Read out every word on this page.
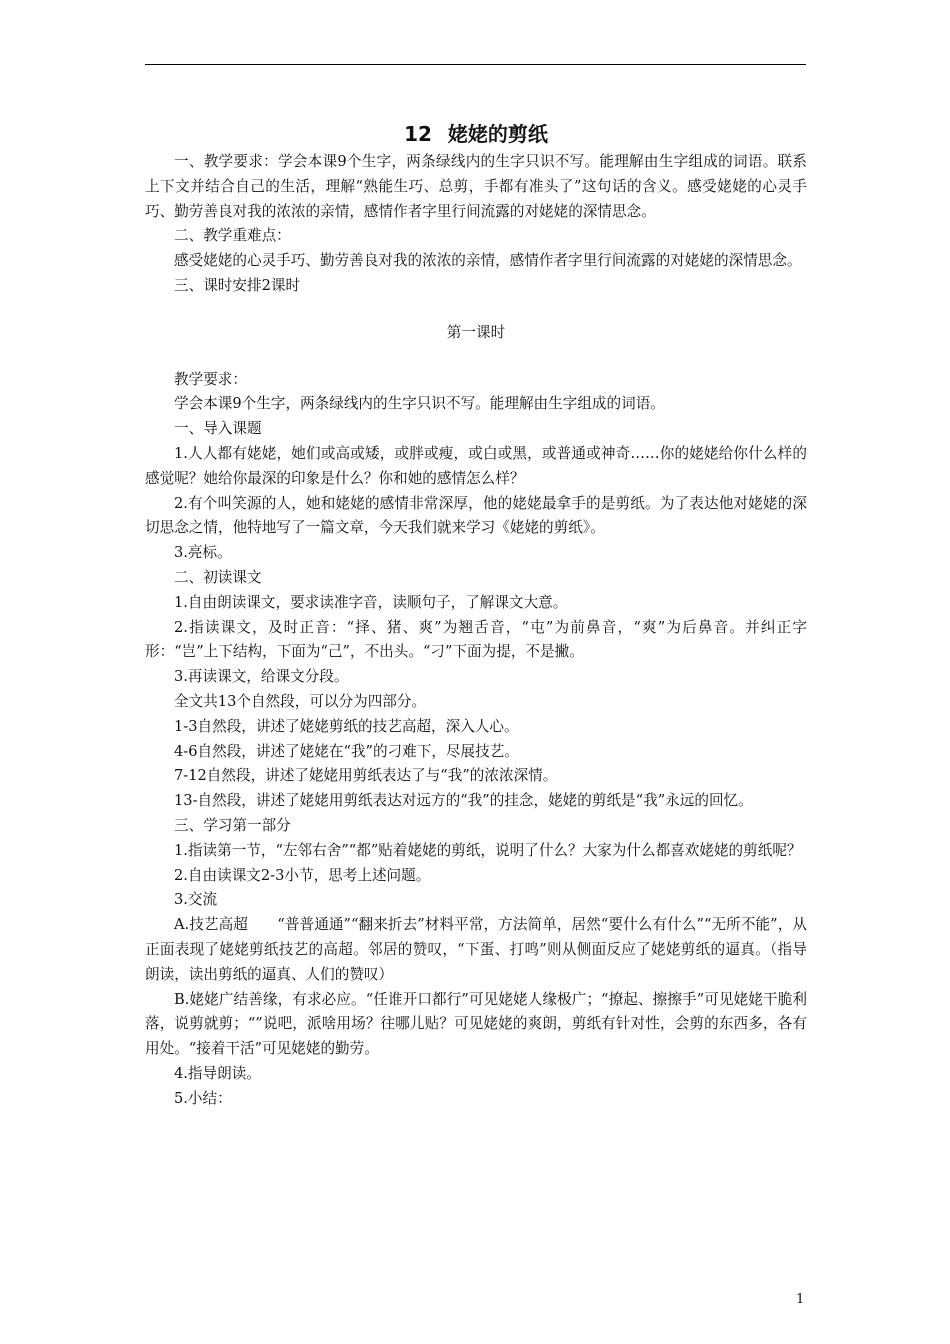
12 姥姥的剪纸

一、教学要求：学会本课9个生字，两条绿线内的生字只识不写。能理解由生字组成的词语。联系上下文并结合自己的生活，理解“熟能生巧、总剪，手都有准头了”这句话的含义。感受姥姥的心灵手巧、勤劳善良对我的浓浓的亲情，感情作者字里行间流露的对姥姥的深情思念。

二、教学重难点：

感受姥姥的心灵手巧、勤劳善良对我的浓浓的亲情，感情作者字里行间流露的对姥姥的深情思念。

三、课时安排2课时

第一课时

教学要求：

学会本课9个生字，两条绿线内的生字只识不写。能理解由生字组成的词语。

一、导入课题

1.人人都有姥姥，她们或高或矮，或胖或瘦，或白或黑，或普通或神奇……你的姥姥给你什么样的感觉呢？她给你最深的印象是什么？你和她的感情怎么样？

2.有个叫笑源的人，她和姥姥的感情非常深厚，他的姥姥最拿手的是剪纸。为了表达他对姥姥的深切思念之情，他特地写了一篇文章，今天我们就来学习《姥姥的剪纸》。

3.亮标。

二、初读课文

1.自由朗读课文，要求读准字音，读顺句子，了解课文大意。

2.指读课文，及时正音：“择、猪、爽”为翘舌音，“屯”为前鼻音，“爽”为后鼻音。并纠正字形：“岂”上下结构，下面为“己”，不出头。“刁”下面为提，不是撇。

3.再读课文，给课文分段。

全文共13个自然段，可以分为四部分。

1-3自然段，讲述了姥姥剪纸的技艺高超，深入人心。

4-6自然段，讲述了姥姥在“我”的刁难下，尽展技艺。

7-12自然段，讲述了姥姥用剪纸表达了与“我”的浓浓深情。

13-自然段，讲述了姥姥用剪纸表达对远方的“我”的挂念，姥姥的剪纸是“我”永远的回忆。

三、学习第一部分

1.指读第一节，“左邻右舍”“都”贴着姥姥的剪纸，说明了什么？大家为什么都喜欢姥姥的剪纸呢？

2.自由读课文2-3小节，思考上述问题。

3.交流

A.技艺高超　　“普普通通”“翻来折去”材料平常，方法简单，居然“要什么有什么”“无所不能”，从正面表现了姥姥剪纸技艺的高超。邻居的赞叹，“下蛋、打鸣”则从侧面反应了姥姥剪纸的逼真。（指导朗读，读出剪纸的逼真、人们的赞叹）

B.姥姥广结善缘，有求必应。“任谁开口都行”可见姥姥人缘极广；“撩起、擦擦手”可见姥姥干脆利落，说剪就剪；“”说吧，派啥用场？往哪儿贴？可见姥姥的爽朗，剪纸有针对性，会剪的东西多，各有用处。“接着干活”可见姥姥的勤劳。

4.指导朗读。

5.小结：

1
